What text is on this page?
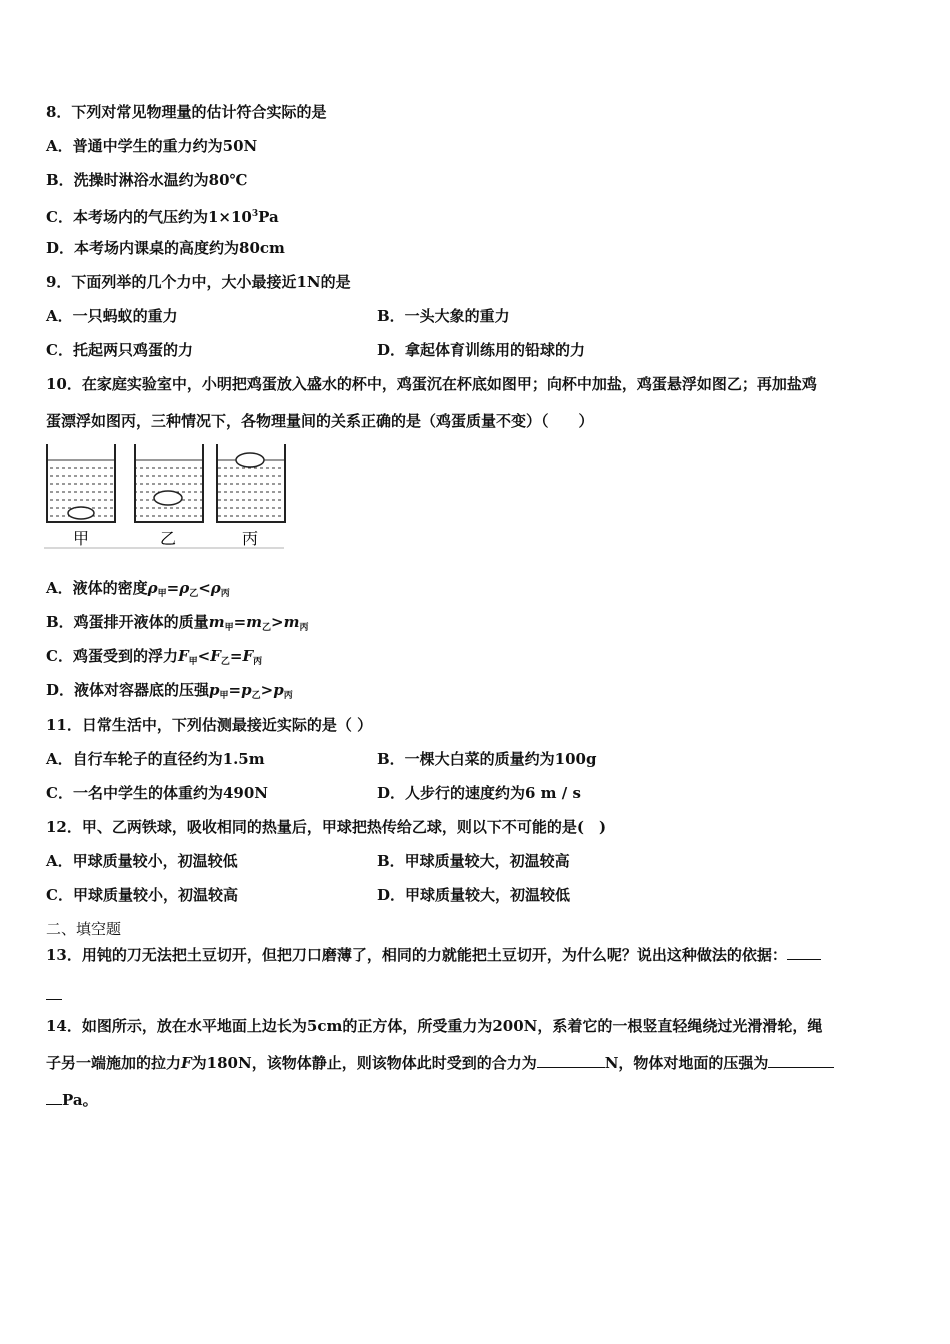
8．下列对常见物理量的估计符合实际的是
A．普通中学生的重力约为50N
B．洗操时淋浴水温约为80℃
C．本考场内的气压约为$1\times 10^3Pa$
D．本考场内课桌的高度约为80cm
9．下面列举的几个力中，大小最接近1N的是
A．一只蚂蚁的重力	B．一头大象的重力
C．托起两只鸡蛋的力	D．拿起体育训练用的铅球的力
10．在家庭实验室中，小明把鸡蛋放入盛水的杯中，鸡蛋沉在杯底如图甲；向杯中加盐，鸡蛋悬浮如图乙；再加盐鸡
蛋漂浮如图丙，三种情况下，各物理量间的关系正确的是（鸡蛋质量不变）（　　）
甲	乙	丙
A．液体的密度$\rho_甲=\rho_乙<\rho_丙$
B．鸡蛋排开液体的质量$m_甲=m_乙>m_丙$
C．鸡蛋受到的浮力$F_甲<F_乙=F_丙$
D．液体对容器底的压强$p_甲=p_乙>p_丙$
11．日常生活中，下列估测最接近实际的是（ ）
A．自行车轮子的直径约为1.5m	B．一棵大白菜的质量约为100g
C．一名中学生的体重约为490N	D．人步行的速度约为6 m / s
12．甲、乙两铁球，吸收相同的热量后，甲球把热传给乙球，则以下不可能的是(　)
A．甲球质量较小，初温较低	B．甲球质量较大，初温较高
C．甲球质量较小，初温较高	D．甲球质量较大，初温较低
二、填空题
13．用钝的刀无法把土豆切开，但把刀口磨薄了，相同的力就能把土豆切开，为什么呢？说出这种做法的依据：
14．如图所示，放在水平地面上边长为5cm的正方体，所受重力为200N，系着它的一根竖直轻绳绕过光滑滑轮，绳
子另一端施加的拉力F为180N，该物体静止，则该物体此时受到的合力为	N，物体对地面的压强为
Pa。
